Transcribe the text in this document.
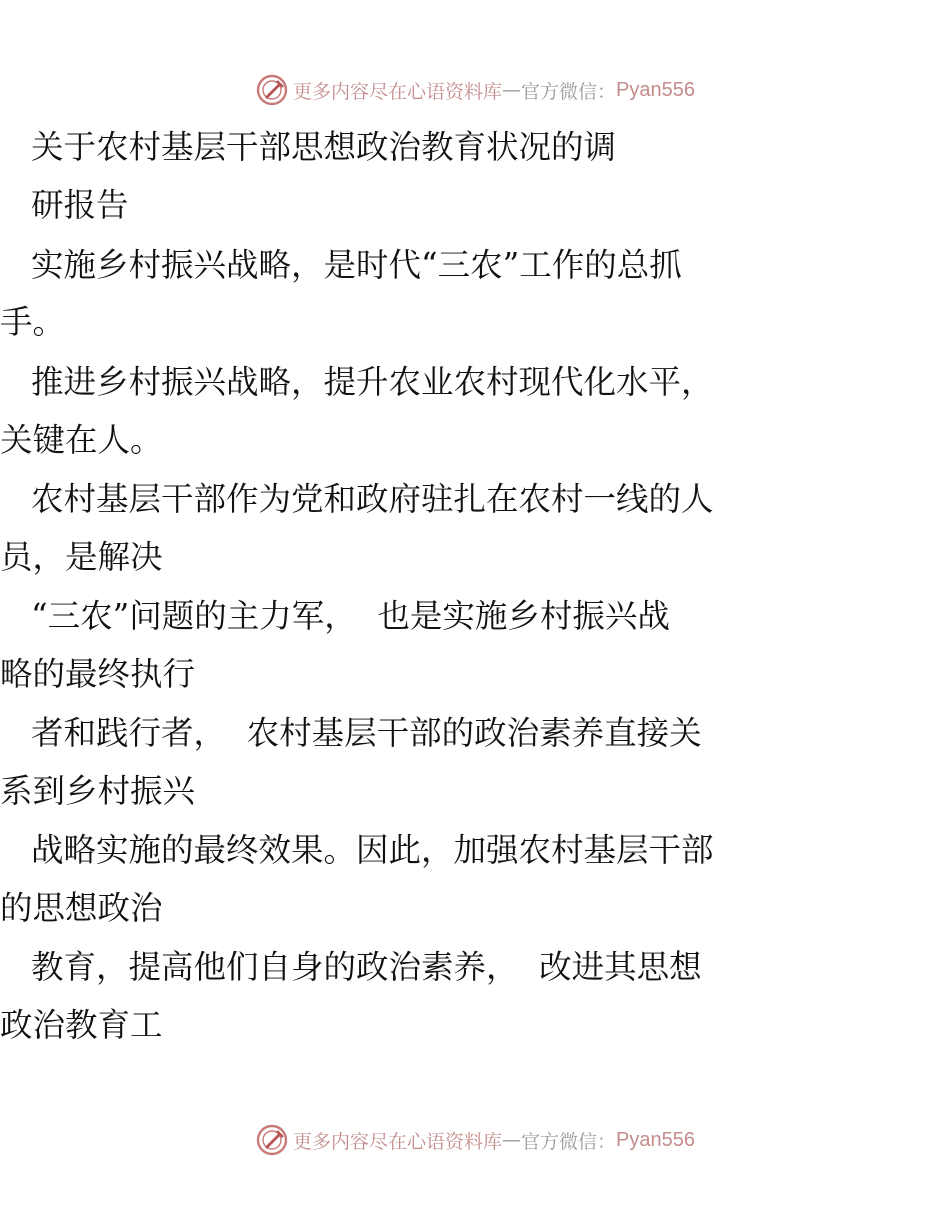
更多内容尽在心语资料库 — 官方微信： Pyan556
关于农村基层干部思想政治教育状况的调
研报告
实施乡村振兴战略，是时代“三农”工作的总抓
手。
推进乡村振兴战略，提升农业农村现代化水平，
关键在人。
农村基层干部作为党和政府驻扎在农村一线的人
员，是解决
“三农”问题的主力军，  也是实施乡村振兴战
略的最终执行
者和践行者，  农村基层干部的政治素养直接关
系到乡村振兴
战略实施的最终效果。因此，加强农村基层干部
的思想政治
教育，提高他们自身的政治素养，  改进其思想
政治教育工
更多内容尽在心语资料库 — 官方微信： Pyan556
